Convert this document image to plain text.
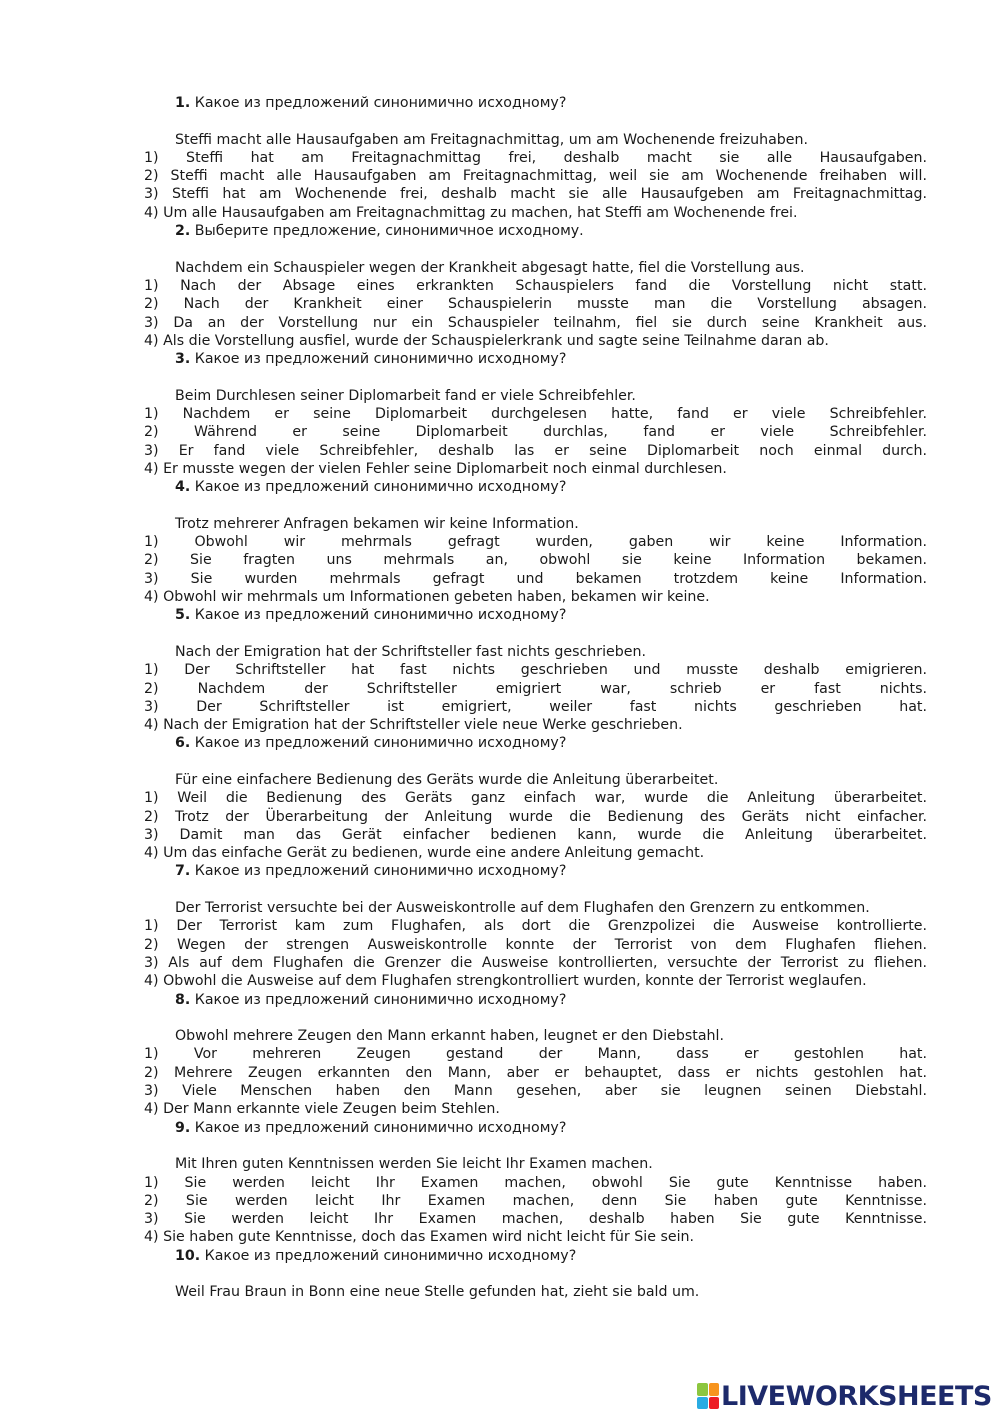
1. Какое из предложений синонимично исходному?

Steffi macht alle Hausaufgaben am Freitagnachmittag, um am Wochenende freizuhaben.

1) Steffi hat am Freitagnachmittag frei, deshalb macht sie alle Hausaufgaben.

2) Steffi macht alle Hausaufgaben am Freitagnachmittag, weil sie am Wochenende freihaben will.

3) Steffi hat am Wochenende frei, deshalb macht sie alle Hausaufgeben am Freitagnachmittag.

4) Um alle Hausaufgaben am Freitagnachmittag zu machen, hat Steffi am Wochenende frei.

2. Выберите предложение, синонимичное исходному.

Nachdem ein Schauspieler wegen der Krankheit abgesagt hatte, fiel die Vorstellung aus.

1) Nach der Absage eines erkrankten Schauspielers fand die Vorstellung nicht statt.

2) Nach der Krankheit einer Schauspielerin musste man die Vorstellung absagen.

3) Da an der Vorstellung nur ein Schauspieler teilnahm, fiel sie durch seine Krankheit aus.

4) Als die Vorstellung ausfiel, wurde der Schauspielerkrank und sagte seine Teilnahme daran ab.

3. Какое из предложений синонимично исходному?

Beim Durchlesen seiner Diplomarbeit fand er viele Schreibfehler.

1) Nachdem er seine Diplomarbeit durchgelesen hatte, fand er viele Schreibfehler.

2) Während er seine Diplomarbeit durchlas, fand er viele Schreibfehler.

3) Er fand viele Schreibfehler, deshalb las er seine Diplomarbeit noch einmal durch.

4) Er musste wegen der vielen Fehler seine Diplomarbeit noch einmal durchlesen.

4. Какое из предложений синонимично исходному?

Trotz mehrerer Anfragen bekamen wir keine Information.

1) Obwohl wir mehrmals gefragt wurden, gaben wir keine Information.

2) Sie fragten uns mehrmals an, obwohl sie keine Information bekamen.

3) Sie wurden mehrmals gefragt und bekamen trotzdem keine Information.

4) Obwohl wir mehrmals um Informationen gebeten haben, bekamen wir keine.

5. Какое из предложений синонимично исходному?

Nach der Emigration hat der Schriftsteller fast nichts geschrieben.

1) Der Schriftsteller hat fast nichts geschrieben und musste deshalb emigrieren.

2) Nachdem der Schriftsteller emigriert war, schrieb er fast nichts.

3) Der Schriftsteller ist emigriert, weiler fast nichts geschrieben hat.

4) Nach der Emigration hat der Schriftsteller viele neue Werke geschrieben.

6. Какое из предложений синонимично исходному?

Für eine einfachere Bedienung des Geräts wurde die Anleitung überarbeitet.

1) Weil die Bedienung des Geräts ganz einfach war, wurde die Anleitung überarbeitet.

2) Trotz der Überarbeitung der Anleitung wurde die Bedienung des Geräts nicht einfacher.

3) Damit man das Gerät einfacher bedienen kann, wurde die Anleitung überarbeitet.

4) Um das einfache Gerät zu bedienen, wurde eine andere Anleitung gemacht.

7. Какое из предложений синонимично исходному?

Der Terrorist versuchte bei der Ausweiskontrolle auf dem Flughafen den Grenzern zu entkommen.

1) Der Terrorist kam zum Flughafen, als dort die Grenzpolizei die Ausweise kontrollierte.

2) Wegen der strengen Ausweiskontrolle konnte der Terrorist von dem Flughafen fliehen.

3) Als auf dem Flughafen die Grenzer die Ausweise kontrollierten, versuchte der Terrorist zu fliehen.

4) Obwohl die Ausweise auf dem Flughafen strengkontrolliert wurden, konnte der Terrorist weglaufen.

8. Какое из предложений синонимично исходному?

Obwohl mehrere Zeugen den Mann erkannt haben, leugnet er den Diebstahl.

1) Vor mehreren Zeugen gestand der Mann, dass er gestohlen hat.

2) Mehrere Zeugen erkannten den Mann, aber er behauptet, dass er nichts gestohlen hat.

3) Viele Menschen haben den Mann gesehen, aber sie leugnen seinen Diebstahl.

4) Der Mann erkannte viele Zeugen beim Stehlen.

9. Какое из предложений синонимично исходному?

Mit Ihren guten Kenntnissen werden Sie leicht Ihr Examen machen.

1) Sie werden leicht Ihr Examen machen, obwohl Sie gute Kenntnisse haben.

2) Sie werden leicht Ihr Examen machen, denn Sie haben gute Kenntnisse.

3) Sie werden leicht Ihr Examen machen, deshalb haben Sie gute Kenntnisse.

4) Sie haben gute Kenntnisse, doch das Examen wird nicht leicht für Sie sein.

10. Какое из предложений синонимично исходному?

Weil Frau Braun in Bonn eine neue Stelle gefunden hat, zieht sie bald um.

LIVEWORKSHEETS
